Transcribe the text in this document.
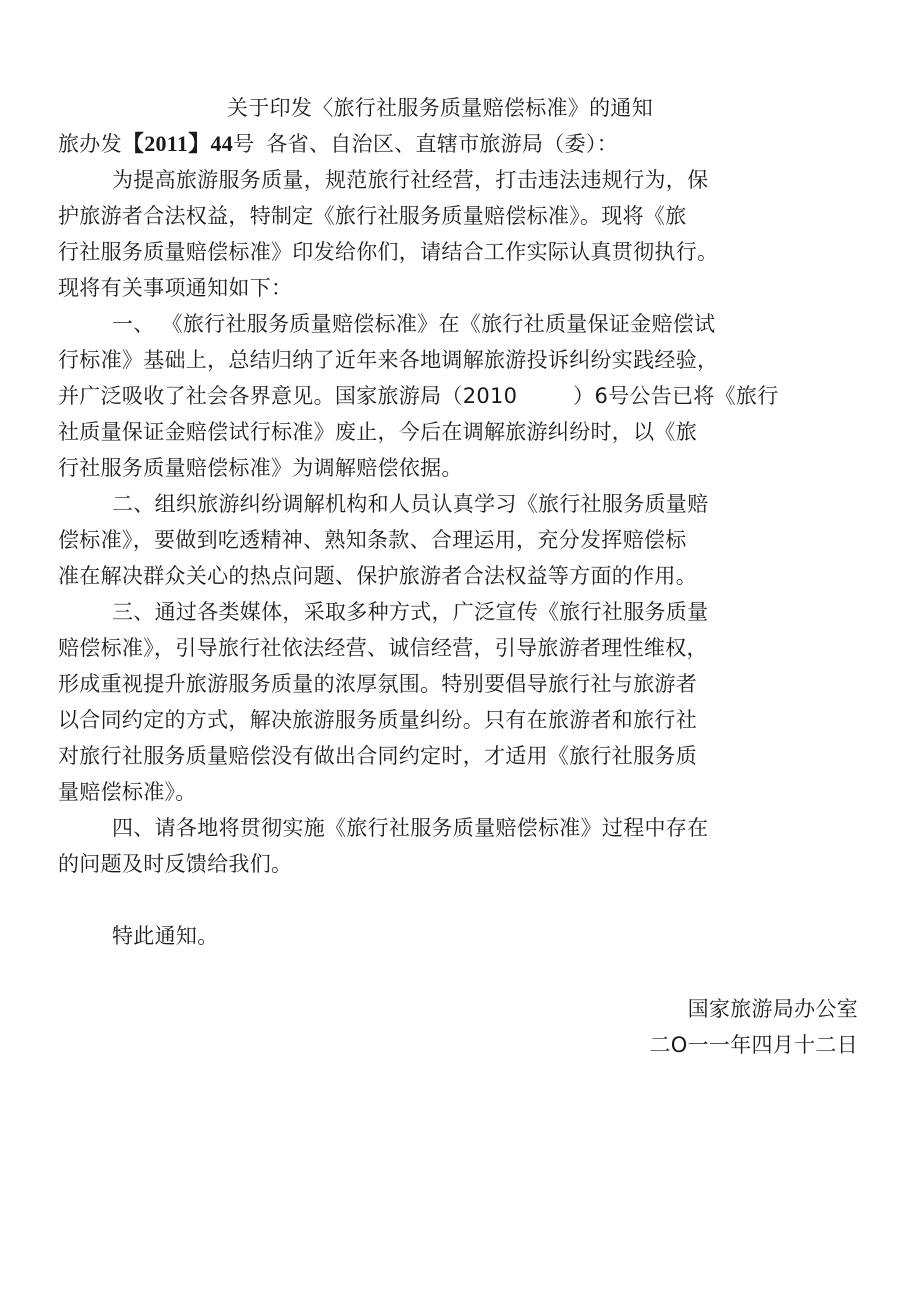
关于印发〈旅行社服务质量赔偿标准》的通知
旅办发【2011】44号 各省、自治区、直辖市旅游局（委）：
为提高旅游服务质量，规范旅行社经营，打击违法违规行为，保
护旅游者合法权益，特制定《旅行社服务质量赔偿标准》。现将《旅
行社服务质量赔偿标准》印发给你们，请结合工作实际认真贯彻执行。
现将有关事项通知如下：
一、 《旅行社服务质量赔偿标准》在《旅行社质量保证金赔偿试
行标准》基础上，总结归纳了近年来各地调解旅游投诉纠纷实践经验，
并广泛吸收了社会各界意见。国家旅游局（2010        ）6号公告已将《旅行
社质量保证金赔偿试行标准》废止，今后在调解旅游纠纷时，以《旅
行社服务质量赔偿标准》为调解赔偿依据。
二、组织旅游纠纷调解机构和人员认真学习《旅行社服务质量赔
偿标准》，要做到吃透精神、熟知条款、合理运用，充分发挥赔偿标
准在解决群众关心的热点问题、保护旅游者合法权益等方面的作用。
三、通过各类媒体，采取多种方式，广泛宣传《旅行社服务质量
赔偿标准》，引导旅行社依法经营、诚信经营，引导旅游者理性维权，
形成重视提升旅游服务质量的浓厚氛围。特别要倡导旅行社与旅游者
以合同约定的方式，解决旅游服务质量纠纷。只有在旅游者和旅行社
对旅行社服务质量赔偿没有做出合同约定时，才适用《旅行社服务质
量赔偿标准》。
四、请各地将贯彻实施《旅行社服务质量赔偿标准》过程中存在
的问题及时反馈给我们。
特此通知。
国家旅游局办公室
二O一一年四月十二日
